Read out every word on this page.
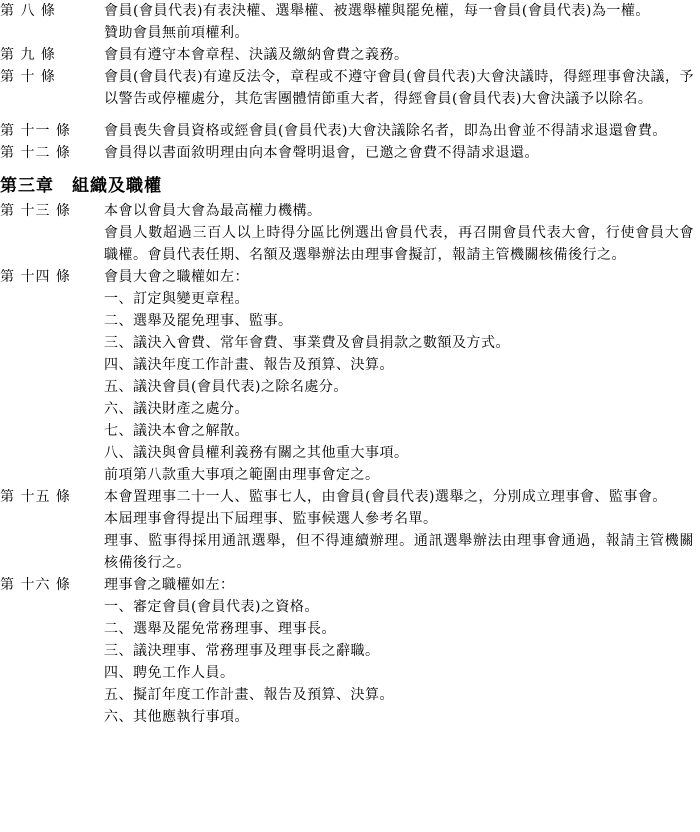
第 八 條	會員(會員代表)有表決權、選舉權、被選舉權與罷免權，每一會員(會員代表)為一權。
贊助會員無前項權利。
第 九 條	會員有遵守本會章程、決議及繳納會費之義務。
第 十 條	會員(會員代表)有違反法令，章程或不遵守會員(會員代表)大會決議時，得經理事會決議，予以警告或停權處分，其危害團體情節重大者，得經會員(會員代表)大會決議予以除名。
第 十一 條 會員喪失會員資格或經會員(會員代表)大會決議除名者，即為出會並不得請求退還會費。
第 十二 條 會員得以書面敘明理由向本會聲明退會，已邀之會費不得請求退還。
第三章　組織及職權
第 十三 條 本會以會員大會為最高權力機構。
會員人數超過三百人以上時得分區比例選出會員代表，再召開會員代表大會，行使會員大會職權。會員代表任期、名額及選舉辦法由理事會擬訂，報請主管機關核備後行之。
第 十四 條 會員大會之職權如左：
一、訂定與變更章程。
二、選舉及罷免理事、監事。
三、議決入會費、常年會費、事業費及會員捐款之數額及方式。
四、議決年度工作計畫、報告及預算、決算。
五、議決會員(會員代表)之除名處分。
六、議決財產之處分。
七、議決本會之解散。
八、議決與會員權利義務有關之其他重大事項。
前項第八款重大事項之範圍由理事會定之。
第 十五 條 本會置理事二十一人、監事七人，由會員(會員代表)選舉之，分別成立理事會、監事會。
本屆理事會得提出下屆理事、監事候選人參考名單。
理事、監事得採用通訊選舉，但不得連續辦理。通訊選舉辦法由理事會通過，報請主管機關核備後行之。
第 十六 條 理事會之職權如左：
一、審定會員(會員代表)之資格。
二、選舉及罷免常務理事、理事長。
三、議決理事、常務理事及理事長之辭職。
四、聘免工作人員。
五、擬訂年度工作計畫、報告及預算、決算。
六、其他應執行事項。
